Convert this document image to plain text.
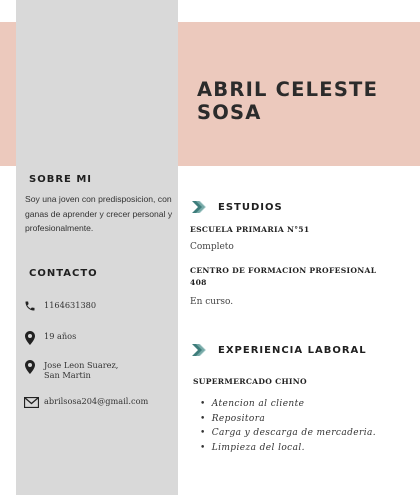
ABRIL CELESTE
SOSA
SOBRE MI
Soy una joven con predisposicion, con ganas de aprender y crecer personal y profesionalmente.
CONTACTO
1164631380
19 años
Jose Leon Suarez,
San Martin
abrilsosa204@gmail.com
ESTUDIOS
ESCUELA PRIMARIA N°51
Completo
CENTRO DE FORMACION PROFESIONAL
408
En curso.
EXPERIENCIA LABORAL
SUPERMERCADO CHINO
• Atencion al cliente
• Repositora
• Carga y descarga de mercaderia.
• Limpieza del local.
